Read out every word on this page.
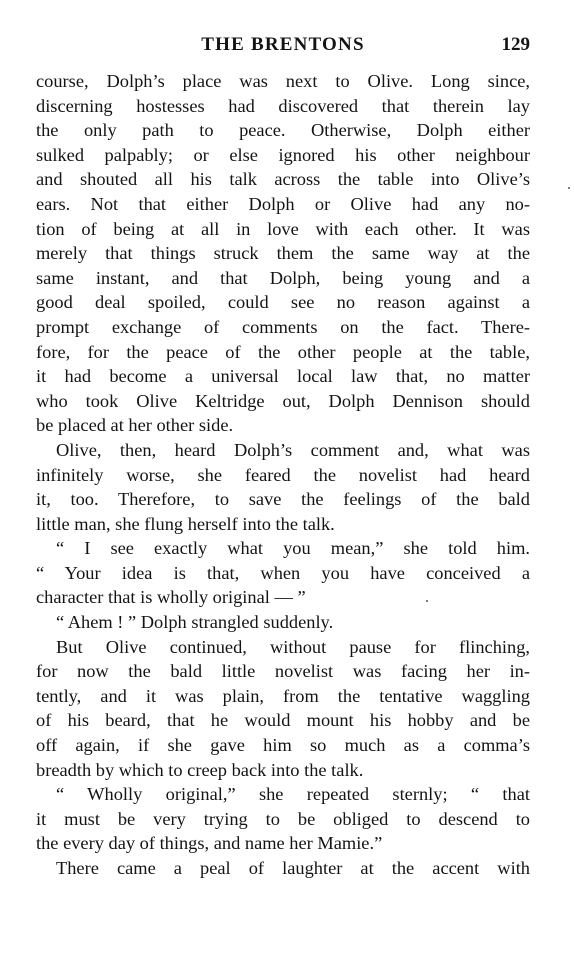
THE BRENTONS	129
course, Dolph’s place was next to Olive. Long since,
discerning hostesses had discovered that therein lay
the only path to peace. Otherwise, Dolph either
sulked palpably; or else ignored his other neighbour
and shouted all his talk across the table into Olive’s
ears. Not that either Dolph or Olive had any no-
tion of being at all in love with each other. It was
merely that things struck them the same way at the
same instant, and that Dolph, being young and a
good deal spoiled, could see no reason against a
prompt exchange of comments on the fact. There-
fore, for the peace of the other people at the table,
it had become a universal local law that, no matter
who took Olive Keltridge out, Dolph Dennison should
be placed at her other side.
Olive, then, heard Dolph’s comment and, what was
infinitely worse, she feared the novelist had heard
it, too. Therefore, to save the feelings of the bald
little man, she flung herself into the talk.
“ I see exactly what you mean,” she told him.
“ Your idea is that, when you have conceived a
character that is wholly original — ”
“ Ahem ! ” Dolph strangled suddenly.
But Olive continued, without pause for flinching,
for now the bald little novelist was facing her in-
tently, and it was plain, from the tentative waggling
of his beard, that he would mount his hobby and be
off again, if she gave him so much as a comma’s
breadth by which to creep back into the talk.
“ Wholly original,” she repeated sternly; “ that
it must be very trying to be obliged to descend to
the every day of things, and name her Mamie.”
There came a peal of laughter at the accent with
